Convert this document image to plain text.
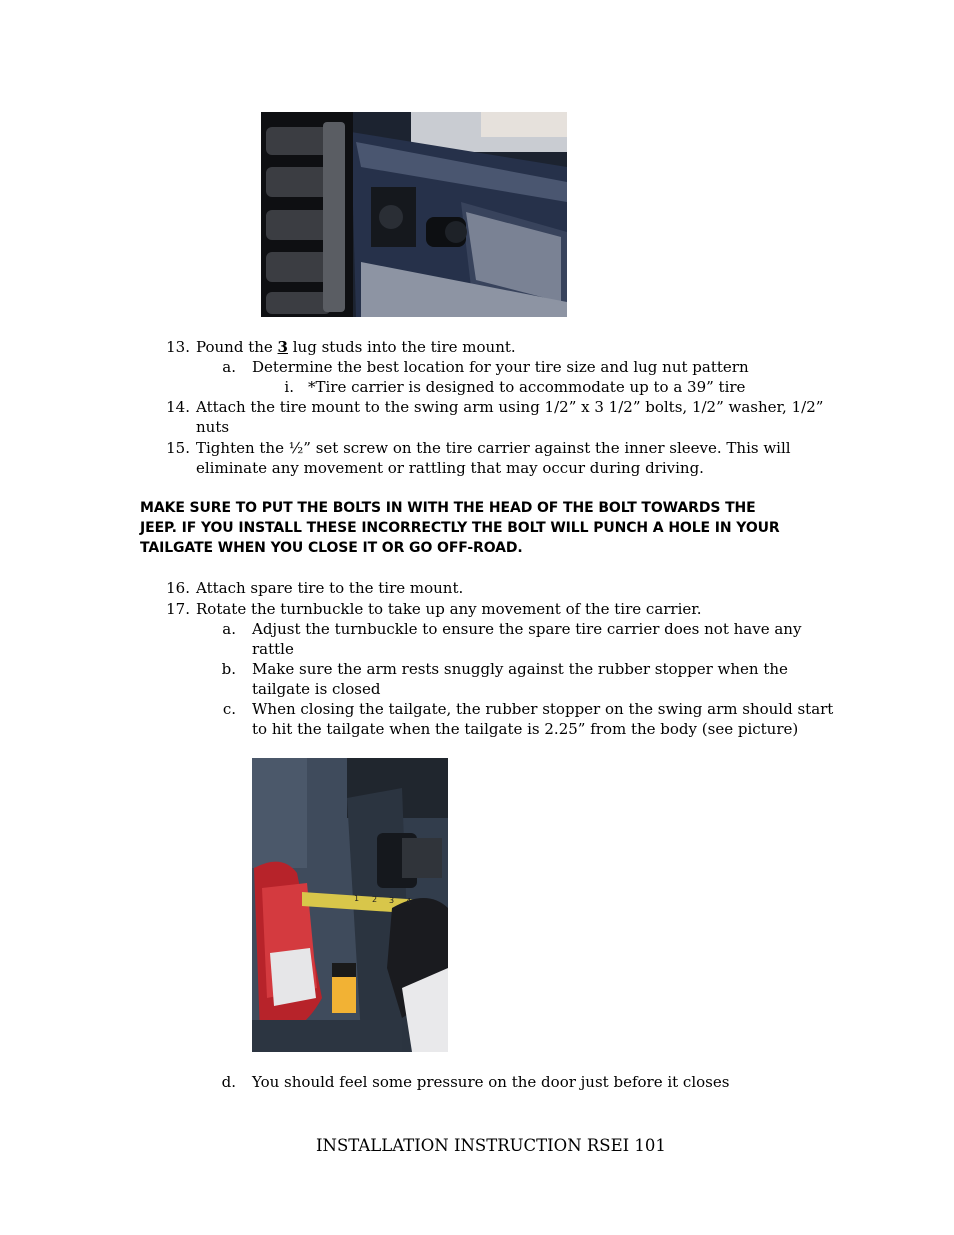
13. Pound the 3 lug studs into the tire mount.
a. Determine the best location for your tire size and lug nut pattern
i. *Tire carrier is designed to accommodate up to a 39” tire
14. Attach the tire mount to the swing arm using 1/2” x 3 1/2” bolts, 1/2” washer, 1/2”
nuts
15. Tighten the ½” set screw on the tire carrier against the inner sleeve. This will
eliminate any movement or rattling that may occur during driving.
MAKE SURE TO PUT THE BOLTS IN WITH THE HEAD OF THE BOLT TOWARDS THE
JEEP. IF YOU INSTALL THESE INCORRECTLY THE BOLT WILL PUNCH A HOLE IN YOUR
TAILGATE WHEN YOU CLOSE IT OR GO OFF-ROAD.
16. Attach spare tire to the tire mount.
17. Rotate the turnbuckle to take up any movement of the tire carrier.
a. Adjust the turnbuckle to ensure the spare tire carrier does not have any
rattle
b. Make sure the arm rests snuggly against the rubber stopper when the
tailgate is closed
c. When closing the tailgate, the rubber stopper on the swing arm should start
to hit the tailgate when the tailgate is 2.25” from the body (see picture)
1 2 3 4
d. You should feel some pressure on the door just before it closes
INSTALLATION INSTRUCTION RSEI 101
